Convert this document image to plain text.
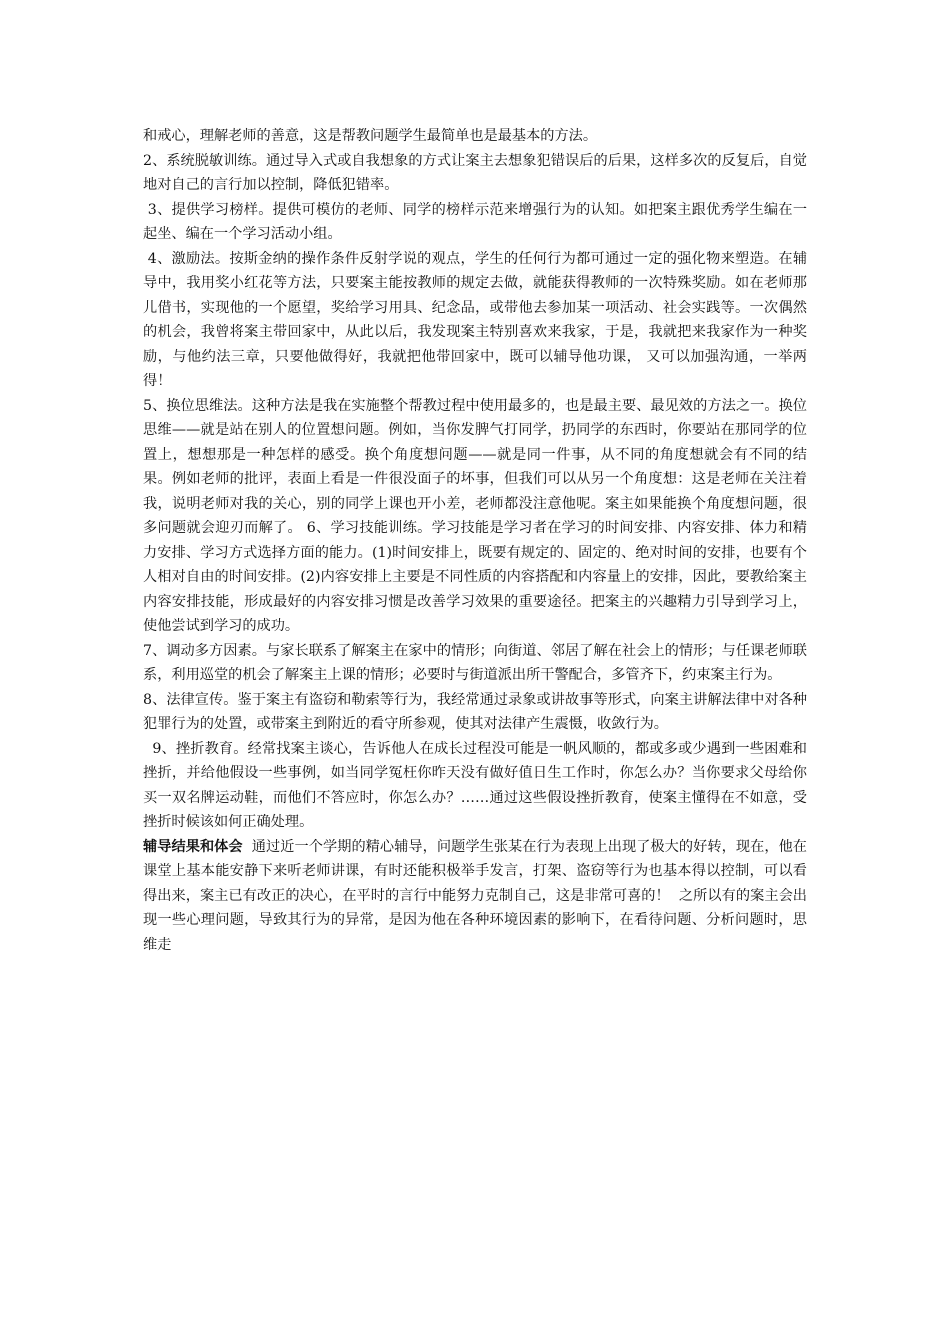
和戒心，理解老师的善意，这是帮教问题学生最简单也是最基本的方法。

2、系统脱敏训练。通过导入式或自我想象的方式让案主去想象犯错误后的后果，这样多次的反复后，自觉地对自己的言行加以控制，降低犯错率。

3、提供学习榜样。提供可模仿的老师、同学的榜样示范来增强行为的认知。如把案主跟优秀学生编在一起坐、编在一个学习活动小组。

4、激励法。按斯金纳的操作条件反射学说的观点，学生的任何行为都可通过一定的强化物来塑造。在辅导中，我用奖小红花等方法，只要案主能按教师的规定去做，就能获得教师的一次特殊奖励。如在老师那儿借书，实现他的一个愿望，奖给学习用具、纪念品，或带他去参加某一项活动、社会实践等。一次偶然的机会，我曾将案主带回家中，从此以后，我发现案主特别喜欢来我家，于是，我就把来我家作为一种奖励，与他约法三章，只要他做得好，我就把他带回家中，既可以辅导他功课， 又可以加强沟通，一举两得！

5、换位思维法。这种方法是我在实施整个帮教过程中使用最多的，也是最主要、最见效的方法之一。换位思维——就是站在别人的位置想问题。例如，当你发脾气打同学，扔同学的东西时，你要站在那同学的位置上，想想那是一种怎样的感受。换个角度想问题——就是同一件事，从不同的角度想就会有不同的结果。例如老师的批评，表面上看是一件很没面子的坏事，但我们可以从另一个角度想：这是老师在关注着我，说明老师对我的关心，别的同学上课也开小差，老师都没注意他呢。案主如果能换个角度想问题，很多问题就会迎刃而解了。 6、学习技能训练。学习技能是学习者在学习的时间安排、内容安排、体力和精力安排、学习方式选择方面的能力。(1)时间安排上，既要有规定的、固定的、绝对时间的安排，也要有个人相对自由的时间安排。(2)内容安排上主要是不同性质的内容搭配和内容量上的安排，因此，要教给案主内容安排技能，形成最好的内容安排习惯是改善学习效果的重要途径。把案主的兴趣精力引导到学习上，使他尝试到学习的成功。

7、调动多方因素。与家长联系了解案主在家中的情形；向街道、邻居了解在社会上的情形；与任课老师联系，利用巡堂的机会了解案主上课的情形；必要时与街道派出所干警配合，多管齐下，约束案主行为。

8、法律宣传。鉴于案主有盗窃和勒索等行为，我经常通过录象或讲故事等形式，向案主讲解法律中对各种犯罪行为的处置，或带案主到附近的看守所参观，使其对法律产生震慑，收敛行为。

9、挫折教育。经常找案主谈心，告诉他人在成长过程没可能是一帆风顺的，都或多或少遇到一些困难和挫折，并给他假设一些事例，如当同学冤枉你昨天没有做好值日生工作时，你怎么办？当你要求父母给你买一双名牌运动鞋，而他们不答应时，你怎么办？……通过这些假设挫折教育，使案主懂得在不如意，受挫折时候该如何正确处理。

辅导结果和体会  通过近一个学期的精心辅导，问题学生张某在行为表现上出现了极大的好转，现在，他在课堂上基本能安静下来听老师讲课，有时还能积极举手发言，打架、盗窃等行为也基本得以控制，可以看得出来，案主已有改正的决心，在平时的言行中能努力克制自己，这是非常可喜的！  之所以有的案主会出现一些心理问题，导致其行为的异常，是因为他在各种环境因素的影响下，在看待问题、分析问题时，思维走
